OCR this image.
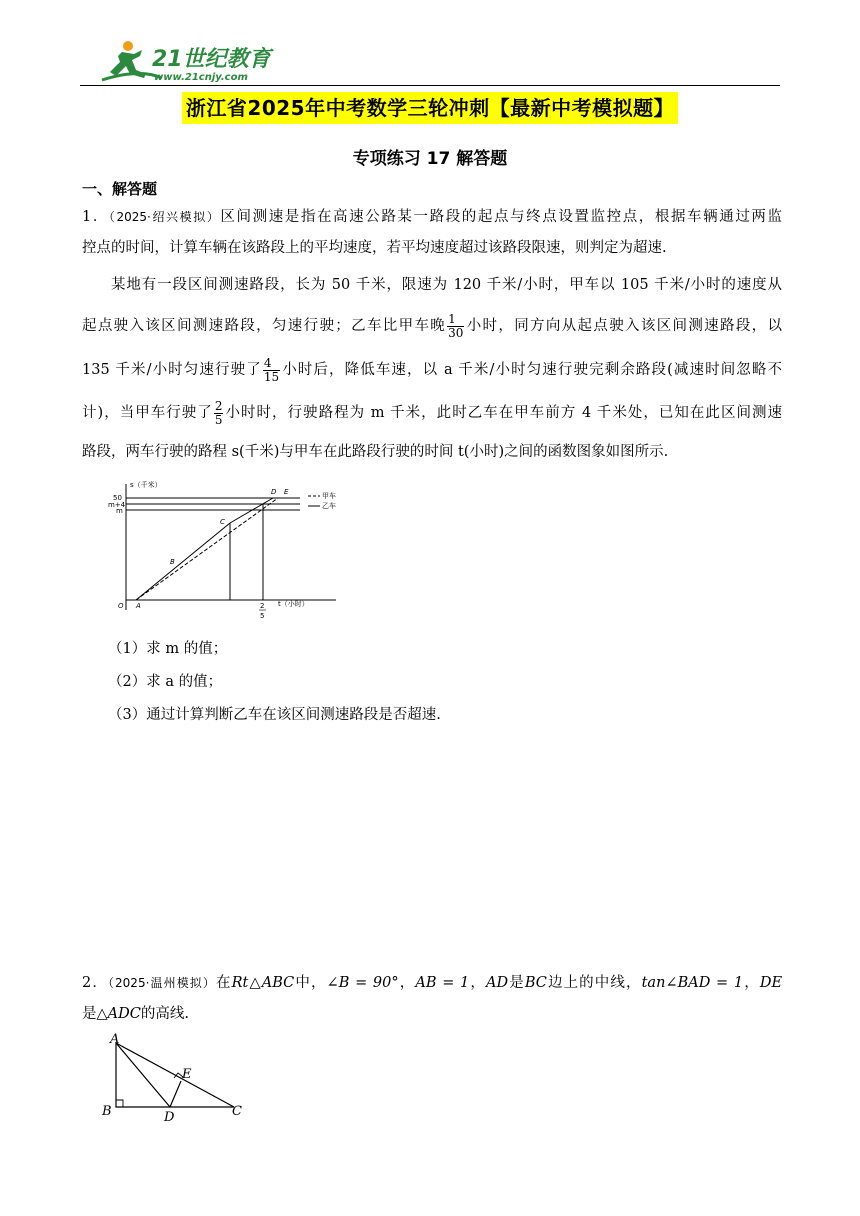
21世纪教育
www.21cnjy.com
浙江省2025年中考数学三轮冲刺【最新中考模拟题】
专项练习 17 解答题
一、解答题
1．（2025·绍兴模拟）区间测速是指在高速公路某一路段的起点与终点设置监控点，根据车辆通过两监
控点的时间，计算车辆在该路段上的平均速度，若平均速度超过该路段限速，则判定为超速.
某地有一段区间测速路段，长为 50 千米，限速为 120 千米/小时，甲车以 105 千米/小时的速度从
起点驶入该区间测速路段，匀速行驶；乙车比甲车晚 $\frac{1}{30}$ 小时，同方向从起点驶入该区间测速路段，以
135 千米/小时匀速行驶了 $\frac{4}{15}$ 小时后，降低车速，以 a 千米/小时匀速行驶完剩余路段(减速时间忽略不
计)，当甲车行驶了 $\frac{2}{5}$ 小时时，行驶路程为 m 千米，此时乙车在甲车前方 4 千米处，已知在此区间测速
路段，两车行驶的路程 s(千米)与甲车在此路段行驶的时间 t(小时)之间的函数图象如图所示.
s（千米）
50
m+4
m
t（小时）
2
5
O A
B
C
D E	甲车
乙车
（1）求 m 的值；
（2）求 a 的值；
（3）通过计算判断乙车在该区间测速路段是否超速.
2．（2025·温州模拟）在Rt△ABC中，∠B = 90°，AB = 1，AD是BC边上的中线，tan∠BAD = 1，DE
是△ADC的高线.
A
E
B	D	C
